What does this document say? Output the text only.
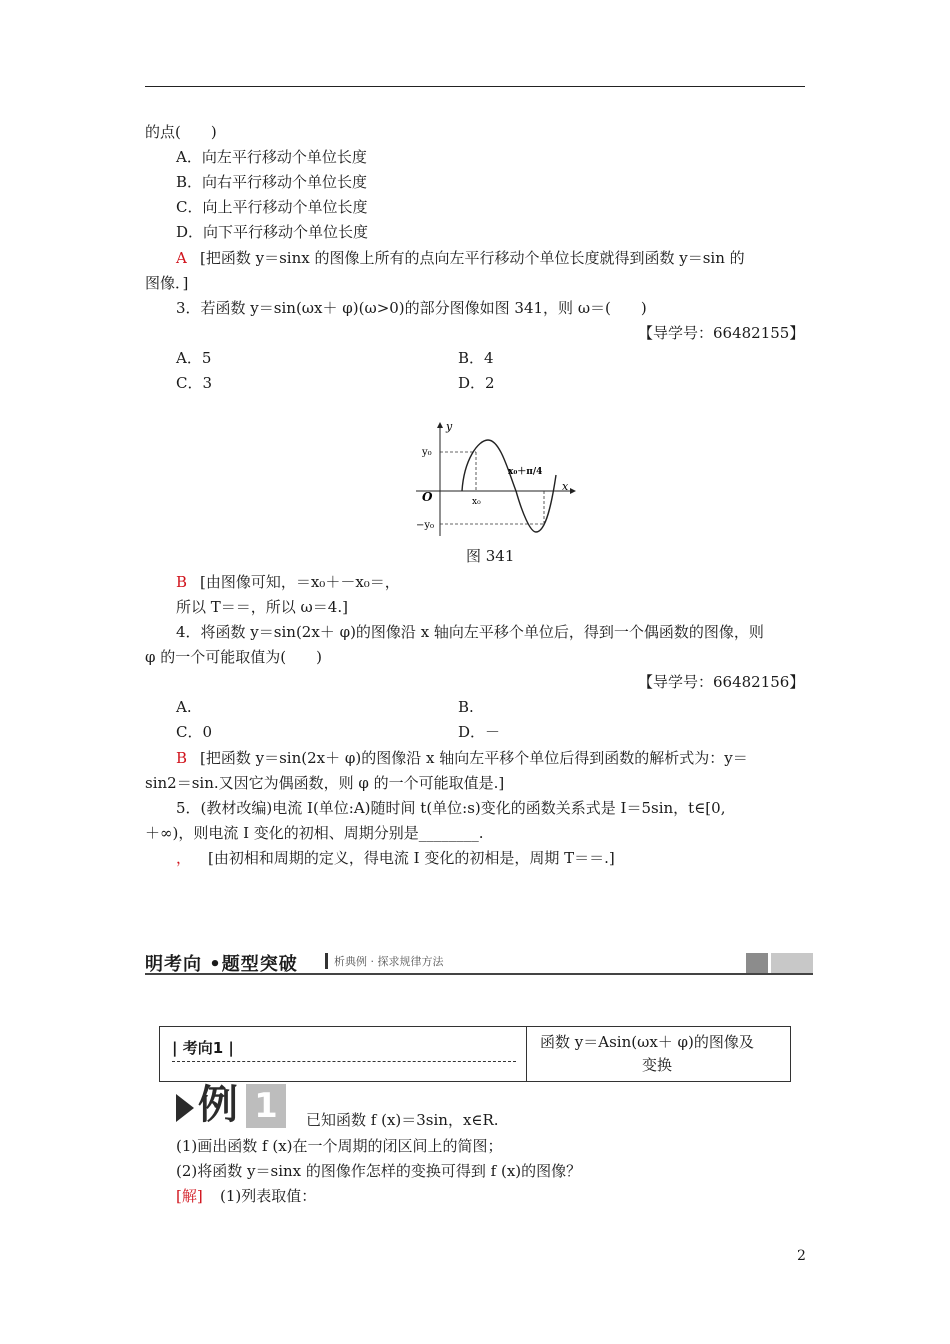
的点(　　)
A．向左平行移动个单位长度
B．向右平行移动个单位长度
C．向上平行移动个单位长度
D．向下平行移动个单位长度
A [把函数 y＝sinx 的图像上所有的点向左平行移动个单位长度就得到函数 y＝sin 的
图像．]
3．若函数 y＝sin(ωx＋ φ)(ω>0)的部分图像如图 341，则 ω＝(　　)
【导学号：66482155】
A．5	B．4
C．3	D．2
y
x
O
y₀
−y₀
x₀
x₀＋π/4
图 341
B [由图像可知，＝x₀＋－x₀＝，
所以 T＝＝，所以 ω＝4.]
4．将函数 y＝sin(2x＋ φ)的图像沿 x 轴向左平移个单位后，得到一个偶函数的图像，则
φ 的一个可能取值为(　　)
【导学号：66482156】
A.	B.
C．0	D．－
B [把函数 y＝sin(2x＋ φ)的图像沿 x 轴向左平移个单位后得到函数的解析式为：y＝
sin2＝sin.又因它为偶函数，则 φ 的一个可能取值是.]
5．(教材改编)电流 I(单位:A)随时间 t(单位:s)变化的函数关系式是 I＝5sin，t∈[0,
＋∞)，则电流 I 变化的初相、周期分别是________.
， [由初相和周期的定义，得电流 I 变化的初相是，周期 T＝＝.]
明考向 •题型突破	析典例 · 探求规律方法
| 考向1 |	函数 y＝Asin(ωx＋ φ)的图像及
变换
例 1	已知函数 f (x)＝3sin，x∈R.
(1)画出函数 f (x)在一个周期的闭区间上的简图；
(2)将函数 y＝sinx 的图像作怎样的变换可得到 f (x)的图像？
[解] (1)列表取值：
2
